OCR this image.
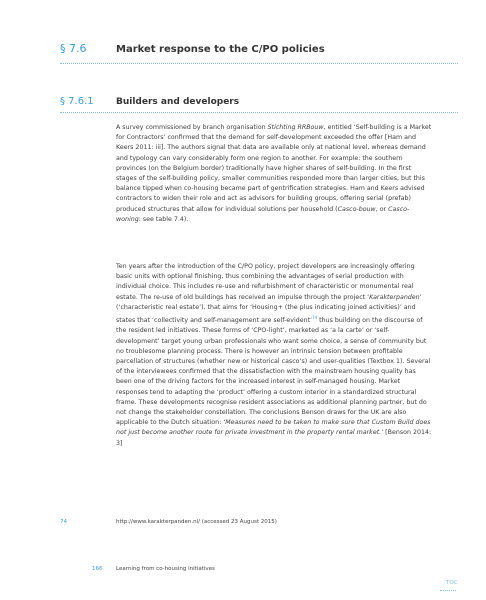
§ 7.6	Market response to the C/PO policies
§ 7.6.1	Builders and developers

A survey commissioned by branch organisation Stichting RRBouw, entitled ‘Self-building is a Market for Contractors’ confirmed that the demand for self-development exceeded the offer [Ham and Keers 2011: iii]. The authors signal that data are available only at national level, whereas demand and typology can vary considerably form one region to another. For example: the southern provinces (on the Belgium border) traditionally have higher shares of self-building. In the first stages of the self-building policy, smaller communities responded more than larger cities, but this balance tipped when co-housing became part of gentrification strategies. Ham and Keers advised contractors to widen their role and act as advisors for building groups, offering serial (prefab) produced structures that allow for individual solutions per household (Casco-bouw, or Casco-woning: see table 7.4).

Ten years after the introduction of the C/PO policy, project developers are increasingly offering basic units with optional finishing, thus combining the advantages of serial production with individual choice. This includes re-use and refurbishment of characteristic or monumental real estate. The re-use of old buildings has received an impulse through the project ‘Karakterpanden’ (‘characteristic real estate’), that aims for ‘Housing+ (the plus indicating joined activities)’ and states that ‘collectivity and self-management are self-evident’$^{74}$ thus building on the discourse of the resident led initiatives. These forms of ‘CPO-light’, marketed as ‘a la carte’ or ‘self-development’ target young urban professionals who want some choice, a sense of community but no troublesome planning process. There is however an intrinsic tension between profitable parcellation of structures (whether new or historical casco’s) and user-qualities (Textbox 1). Several of the interviewees confirmed that the dissatisfaction with the mainstream housing quality has been one of the driving factors for the increased interest in self-managed housing. Market responses tend to adapting the ‘product’ offering a custom interior in a standardized structural frame. These developments recognise resident associations as additional planning partner, but do not change the stakeholder constellation. The conclusions Benson draws for the UK are also applicable to the Dutch situation: ‘Measures need to be taken to make sure that Custom Build does not just become another route for private investment in the property rental market.’ [Benson 2014: 3]

74	http://www.karakterpanden.nl/ (accessed 23 August 2015)
166 Learning from co-housing initiatives
TOC
